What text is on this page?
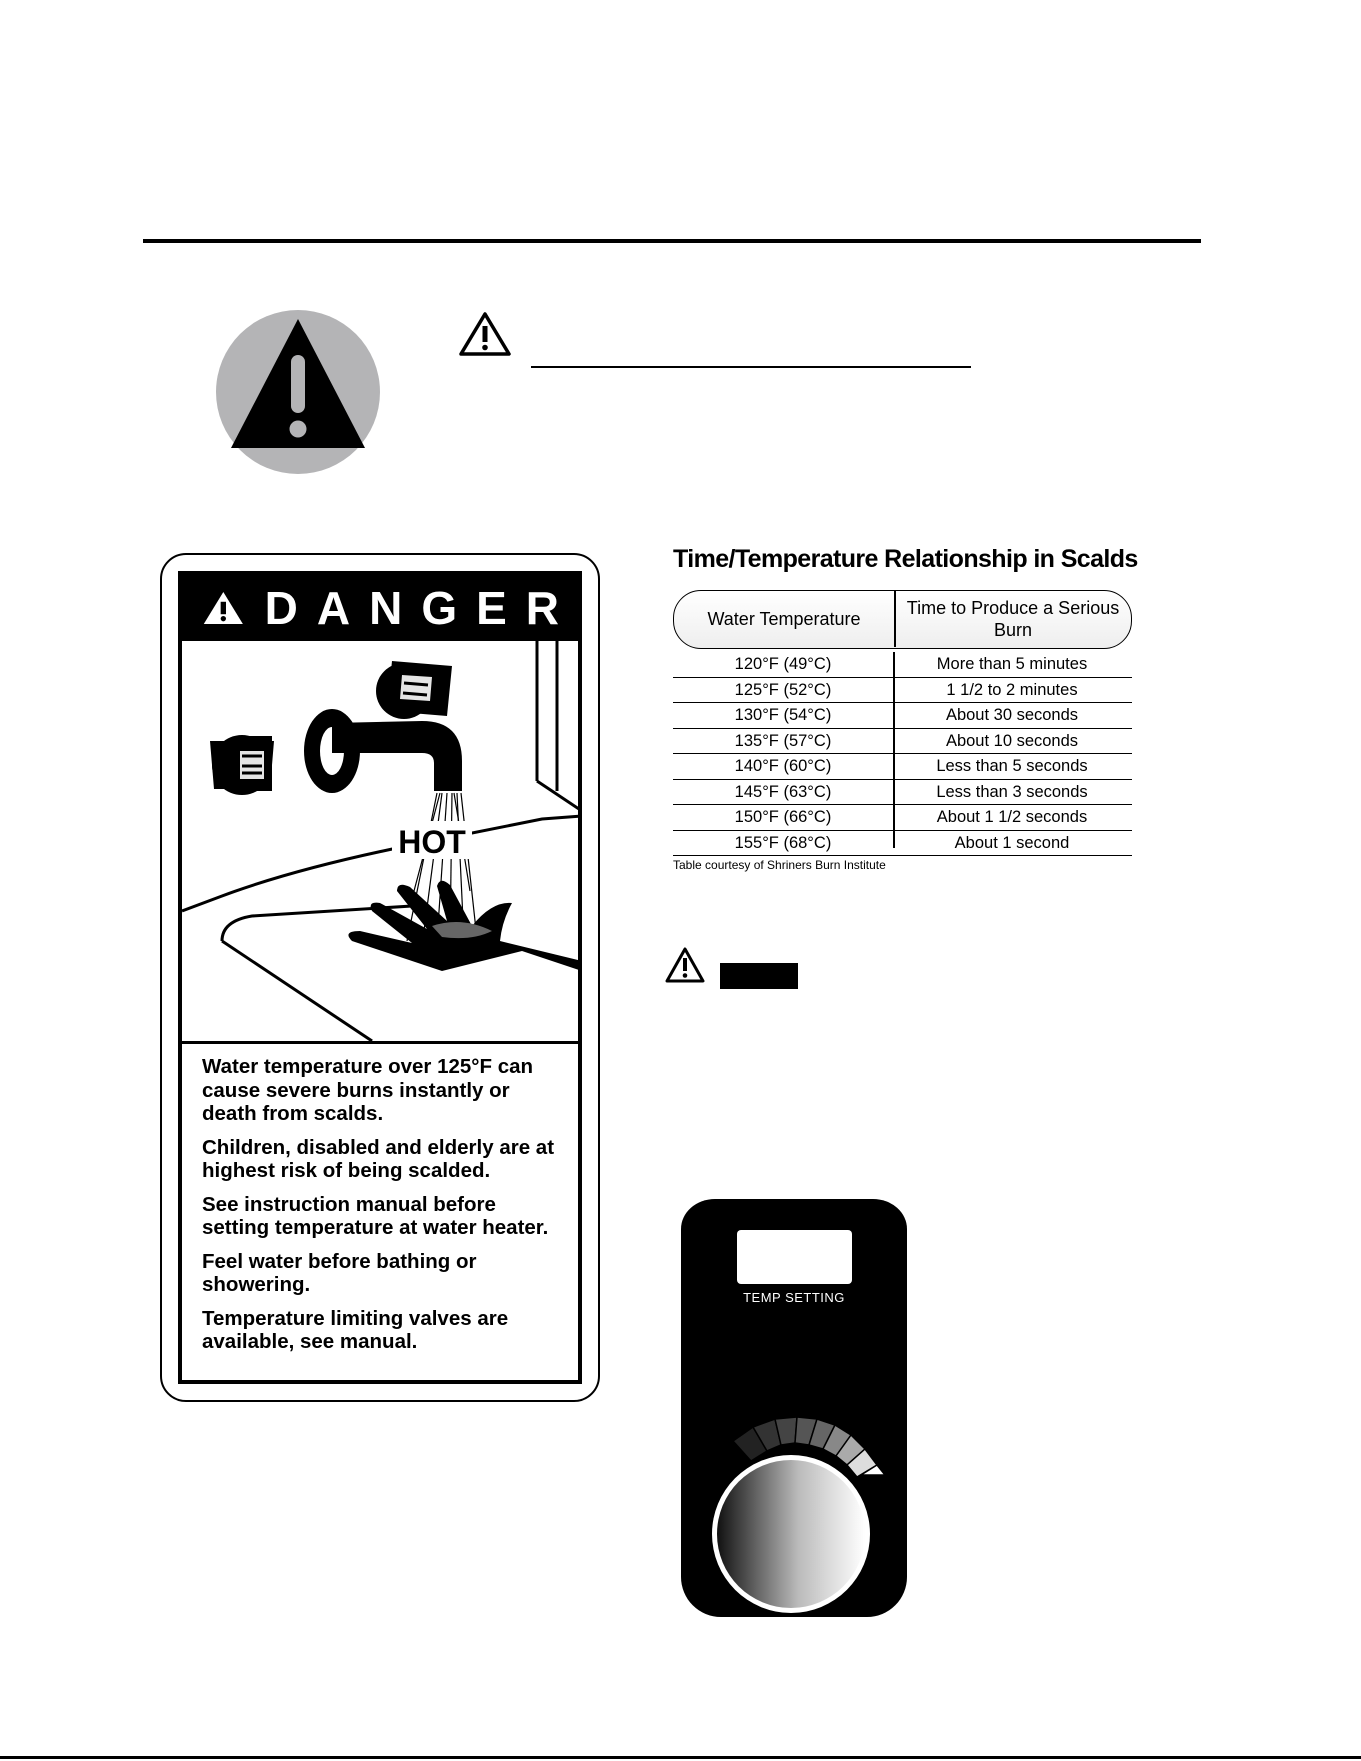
DANGER
HOT
BURN

Water temperature over 125°F can cause severe burns instantly or death from scalds.

Children, disabled and elderly are at highest risk of being scalded.

See instruction manual before setting temperature at water heater.

Feel water before bathing or showering.

Temperature limiting valves are available, see manual.

Time/Temperature Relationship in Scalds
Water Temperature
Time to Produce a Serious Burn
120°F (49°C)	More than 5 minutes
125°F (52°C)	1 1/2 to 2 minutes
130°F (54°C)	About 30 seconds
135°F (57°C)	About 10 seconds
140°F (60°C)	Less than 5 seconds
145°F (63°C)	Less than 3 seconds
150°F (66°C)	About 1 1/2 seconds
155°F (68°C)	About 1 second
Table courtesy of Shriners Burn Institute
TEMP SETTING
